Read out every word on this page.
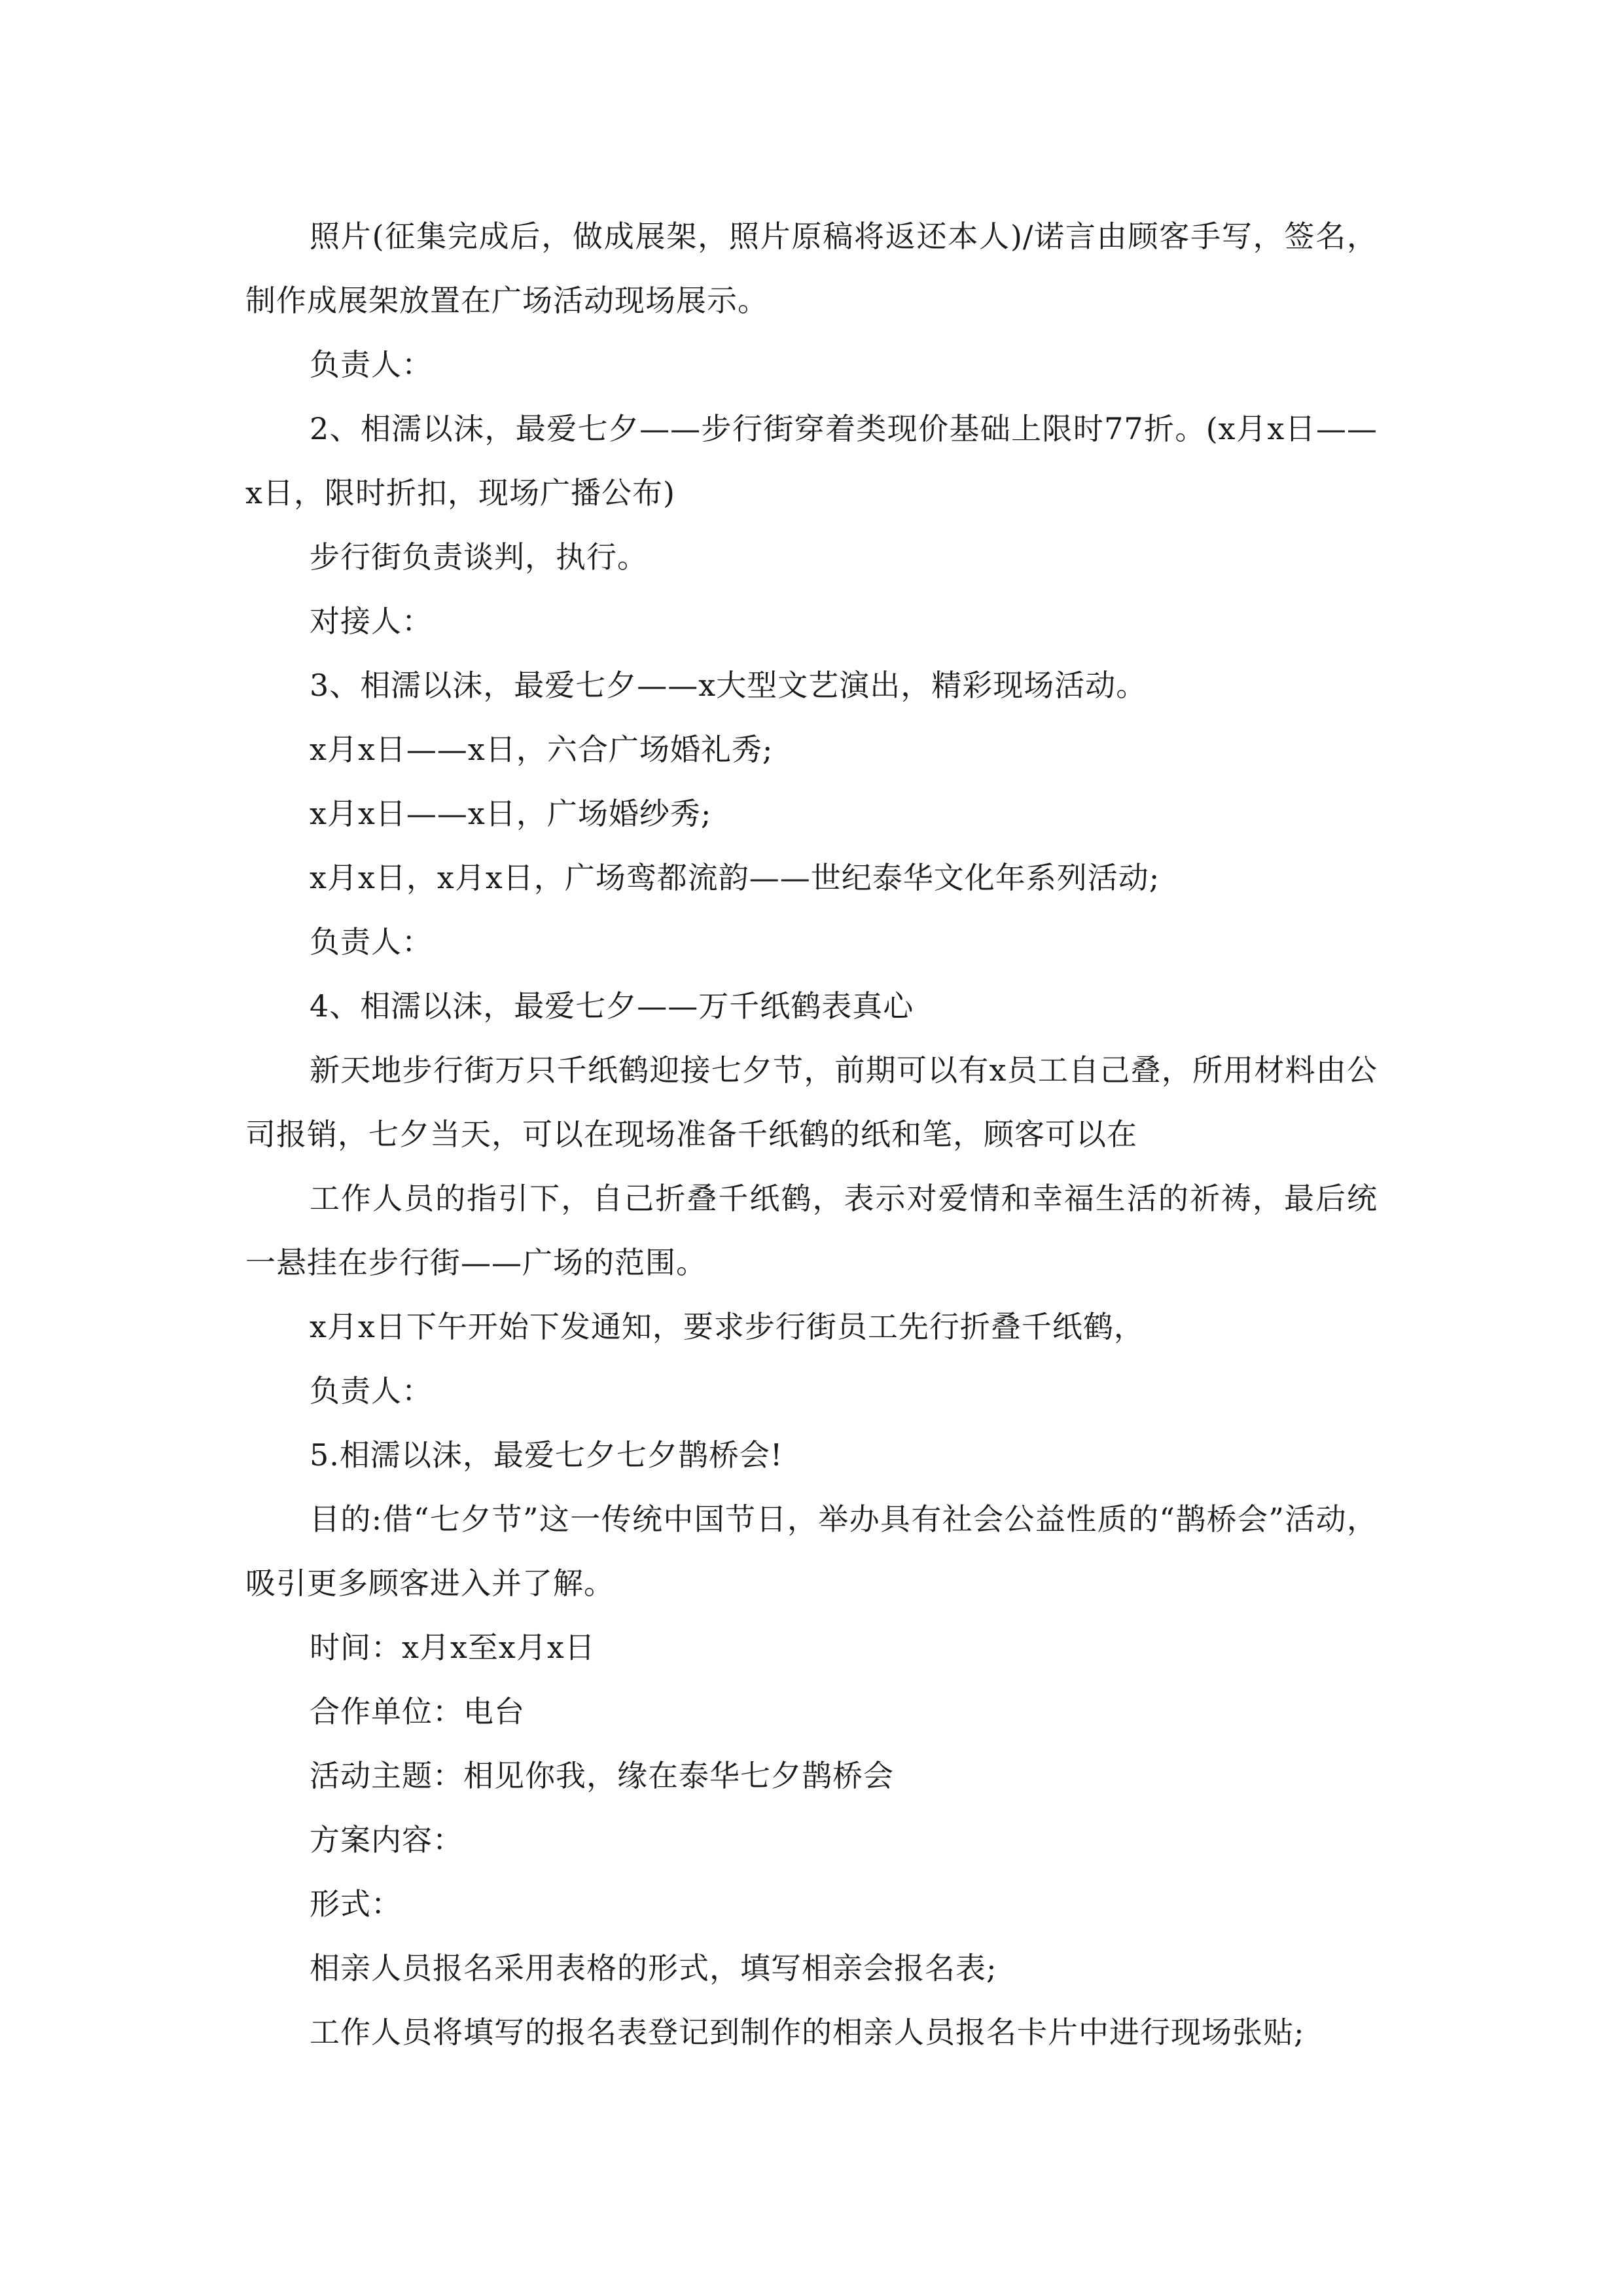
照片(征集完成后，做成展架，照片原稿将返还本人)/诺言由顾客手写，签名，制作成展架放置在广场活动现场展示。

负责人：

2、相濡以沫，最爱七夕——步行街穿着类现价基础上限时77折。(x月x日——x日，限时折扣，现场广播公布)

步行街负责谈判，执行。

对接人：

3、相濡以沫，最爱七夕——x大型文艺演出，精彩现场活动。

x月x日——x日，六合广场婚礼秀;

x月x日——x日，广场婚纱秀;

x月x日，x月x日，广场鸾都流韵——世纪泰华文化年系列活动;

负责人：

4、相濡以沫，最爱七夕——万千纸鹤表真心

新天地步行街万只千纸鹤迎接七夕节，前期可以有x员工自己叠，所用材料由公司报销，七夕当天，可以在现场准备千纸鹤的纸和笔，顾客可以在

工作人员的指引下，自己折叠千纸鹤，表示对爱情和幸福生活的祈祷，最后统一悬挂在步行街——广场的范围。

x月x日下午开始下发通知，要求步行街员工先行折叠千纸鹤，

负责人：

5.相濡以沫，最爱七夕七夕鹊桥会!

目的:借“七夕节”这一传统中国节日，举办具有社会公益性质的“鹊桥会”活动，吸引更多顾客进入并了解。

时间：x月x至x月x日

合作单位：电台

活动主题：相见你我，缘在泰华七夕鹊桥会

方案内容：

形式：

相亲人员报名采用表格的形式，填写相亲会报名表;

工作人员将填写的报名表登记到制作的相亲人员报名卡片中进行现场张贴;
